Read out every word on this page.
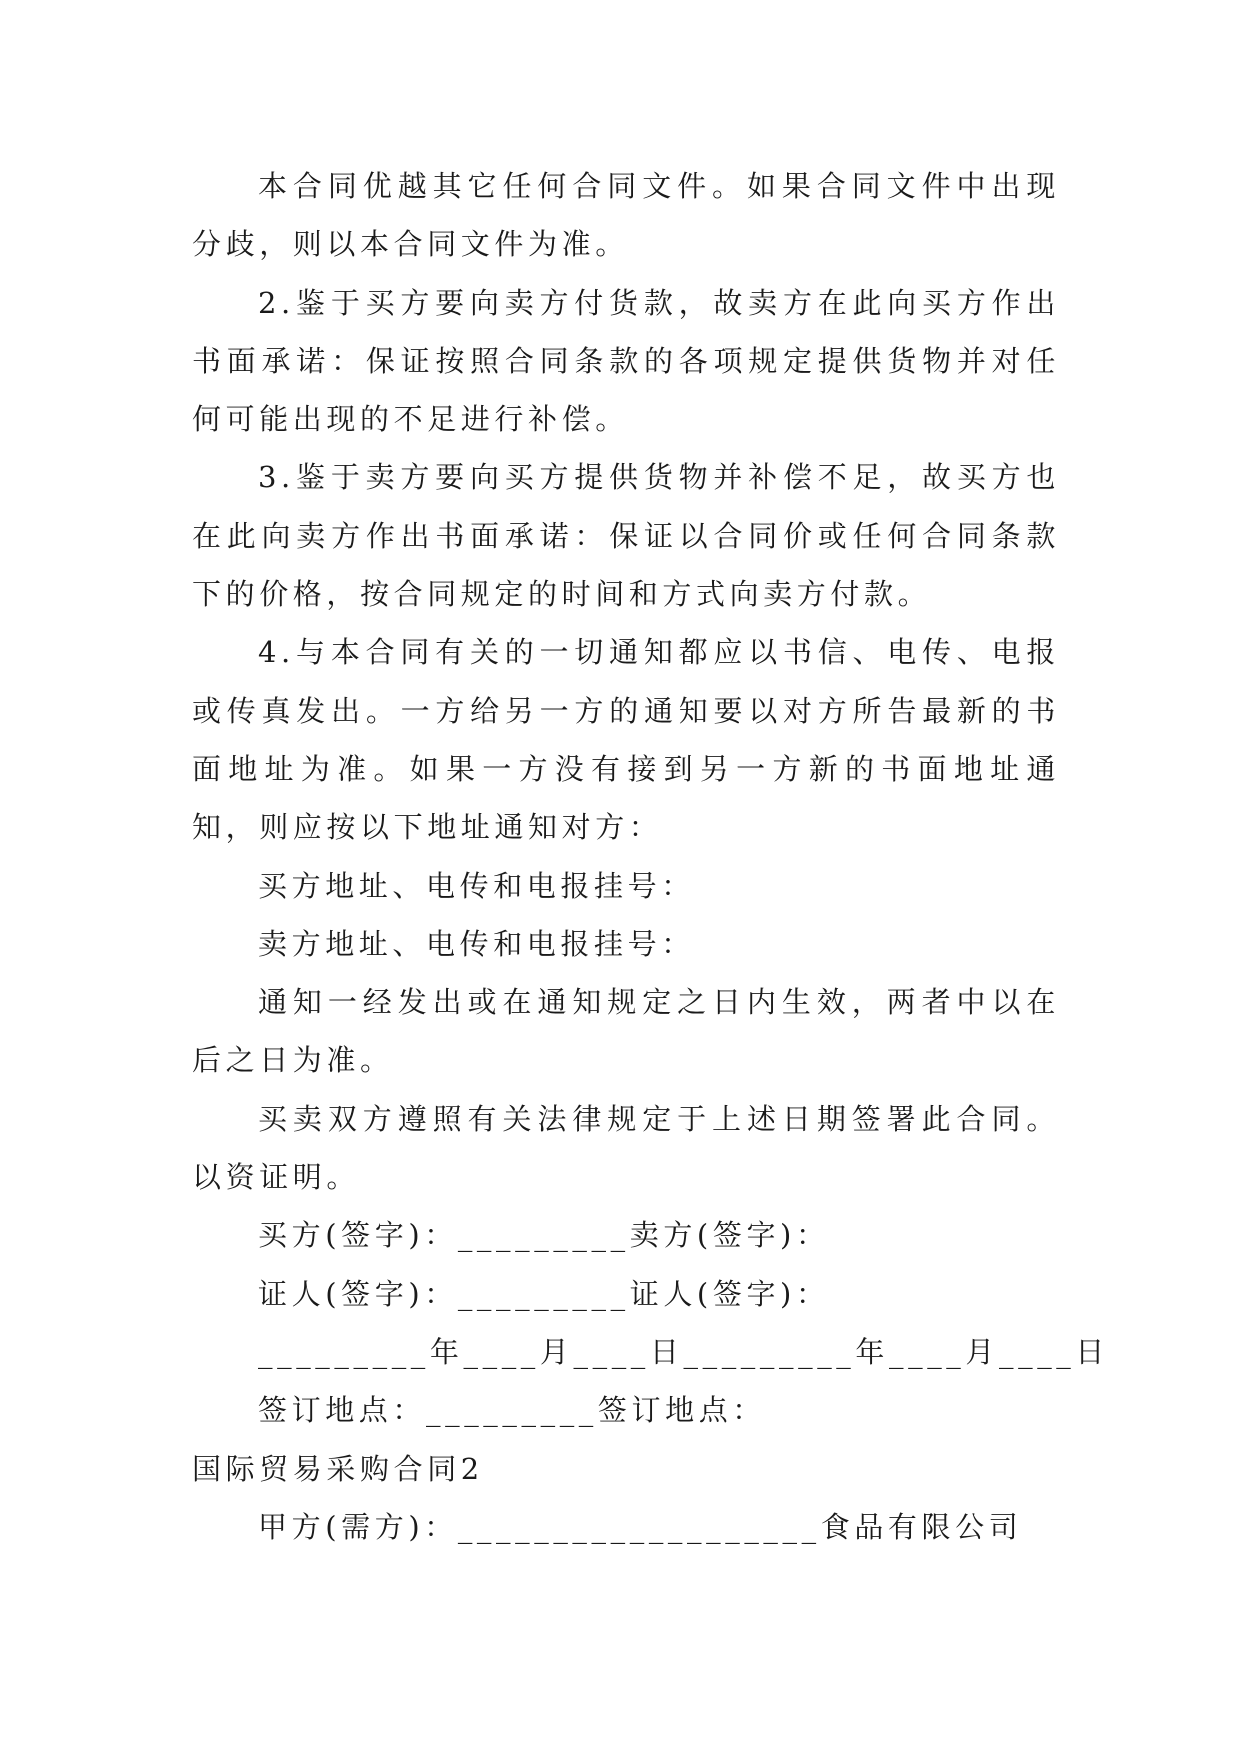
本合同优越其它任何合同文件。如果合同文件中出现分歧，则以本合同文件为准。

2.鉴于买方要向卖方付货款，故卖方在此向买方作出书面承诺：保证按照合同条款的各项规定提供货物并对任何可能出现的不足进行补偿。

3.鉴于卖方要向买方提供货物并补偿不足，故买方也在此向卖方作出书面承诺：保证以合同价或任何合同条款下的价格，按合同规定的时间和方式向卖方付款。

4.与本合同有关的一切通知都应以书信、电传、电报或传真发出。一方给另一方的通知要以对方所告最新的书面地址为准。如果一方没有接到另一方新的书面地址通知，则应按以下地址通知对方：

买方地址、电传和电报挂号：

卖方地址、电传和电报挂号：

通知一经发出或在通知规定之日内生效，两者中以在后之日为准。

买卖双方遵照有关法律规定于上述日期签署此合同。以资证明。

买方(签字)：_________卖方(签字)：

证人(签字)：_________证人(签字)：

_________年____月____日_________年____月____日

签订地点：_________签订地点：

国际贸易采购合同2

甲方(需方)：___________________食品有限公司
